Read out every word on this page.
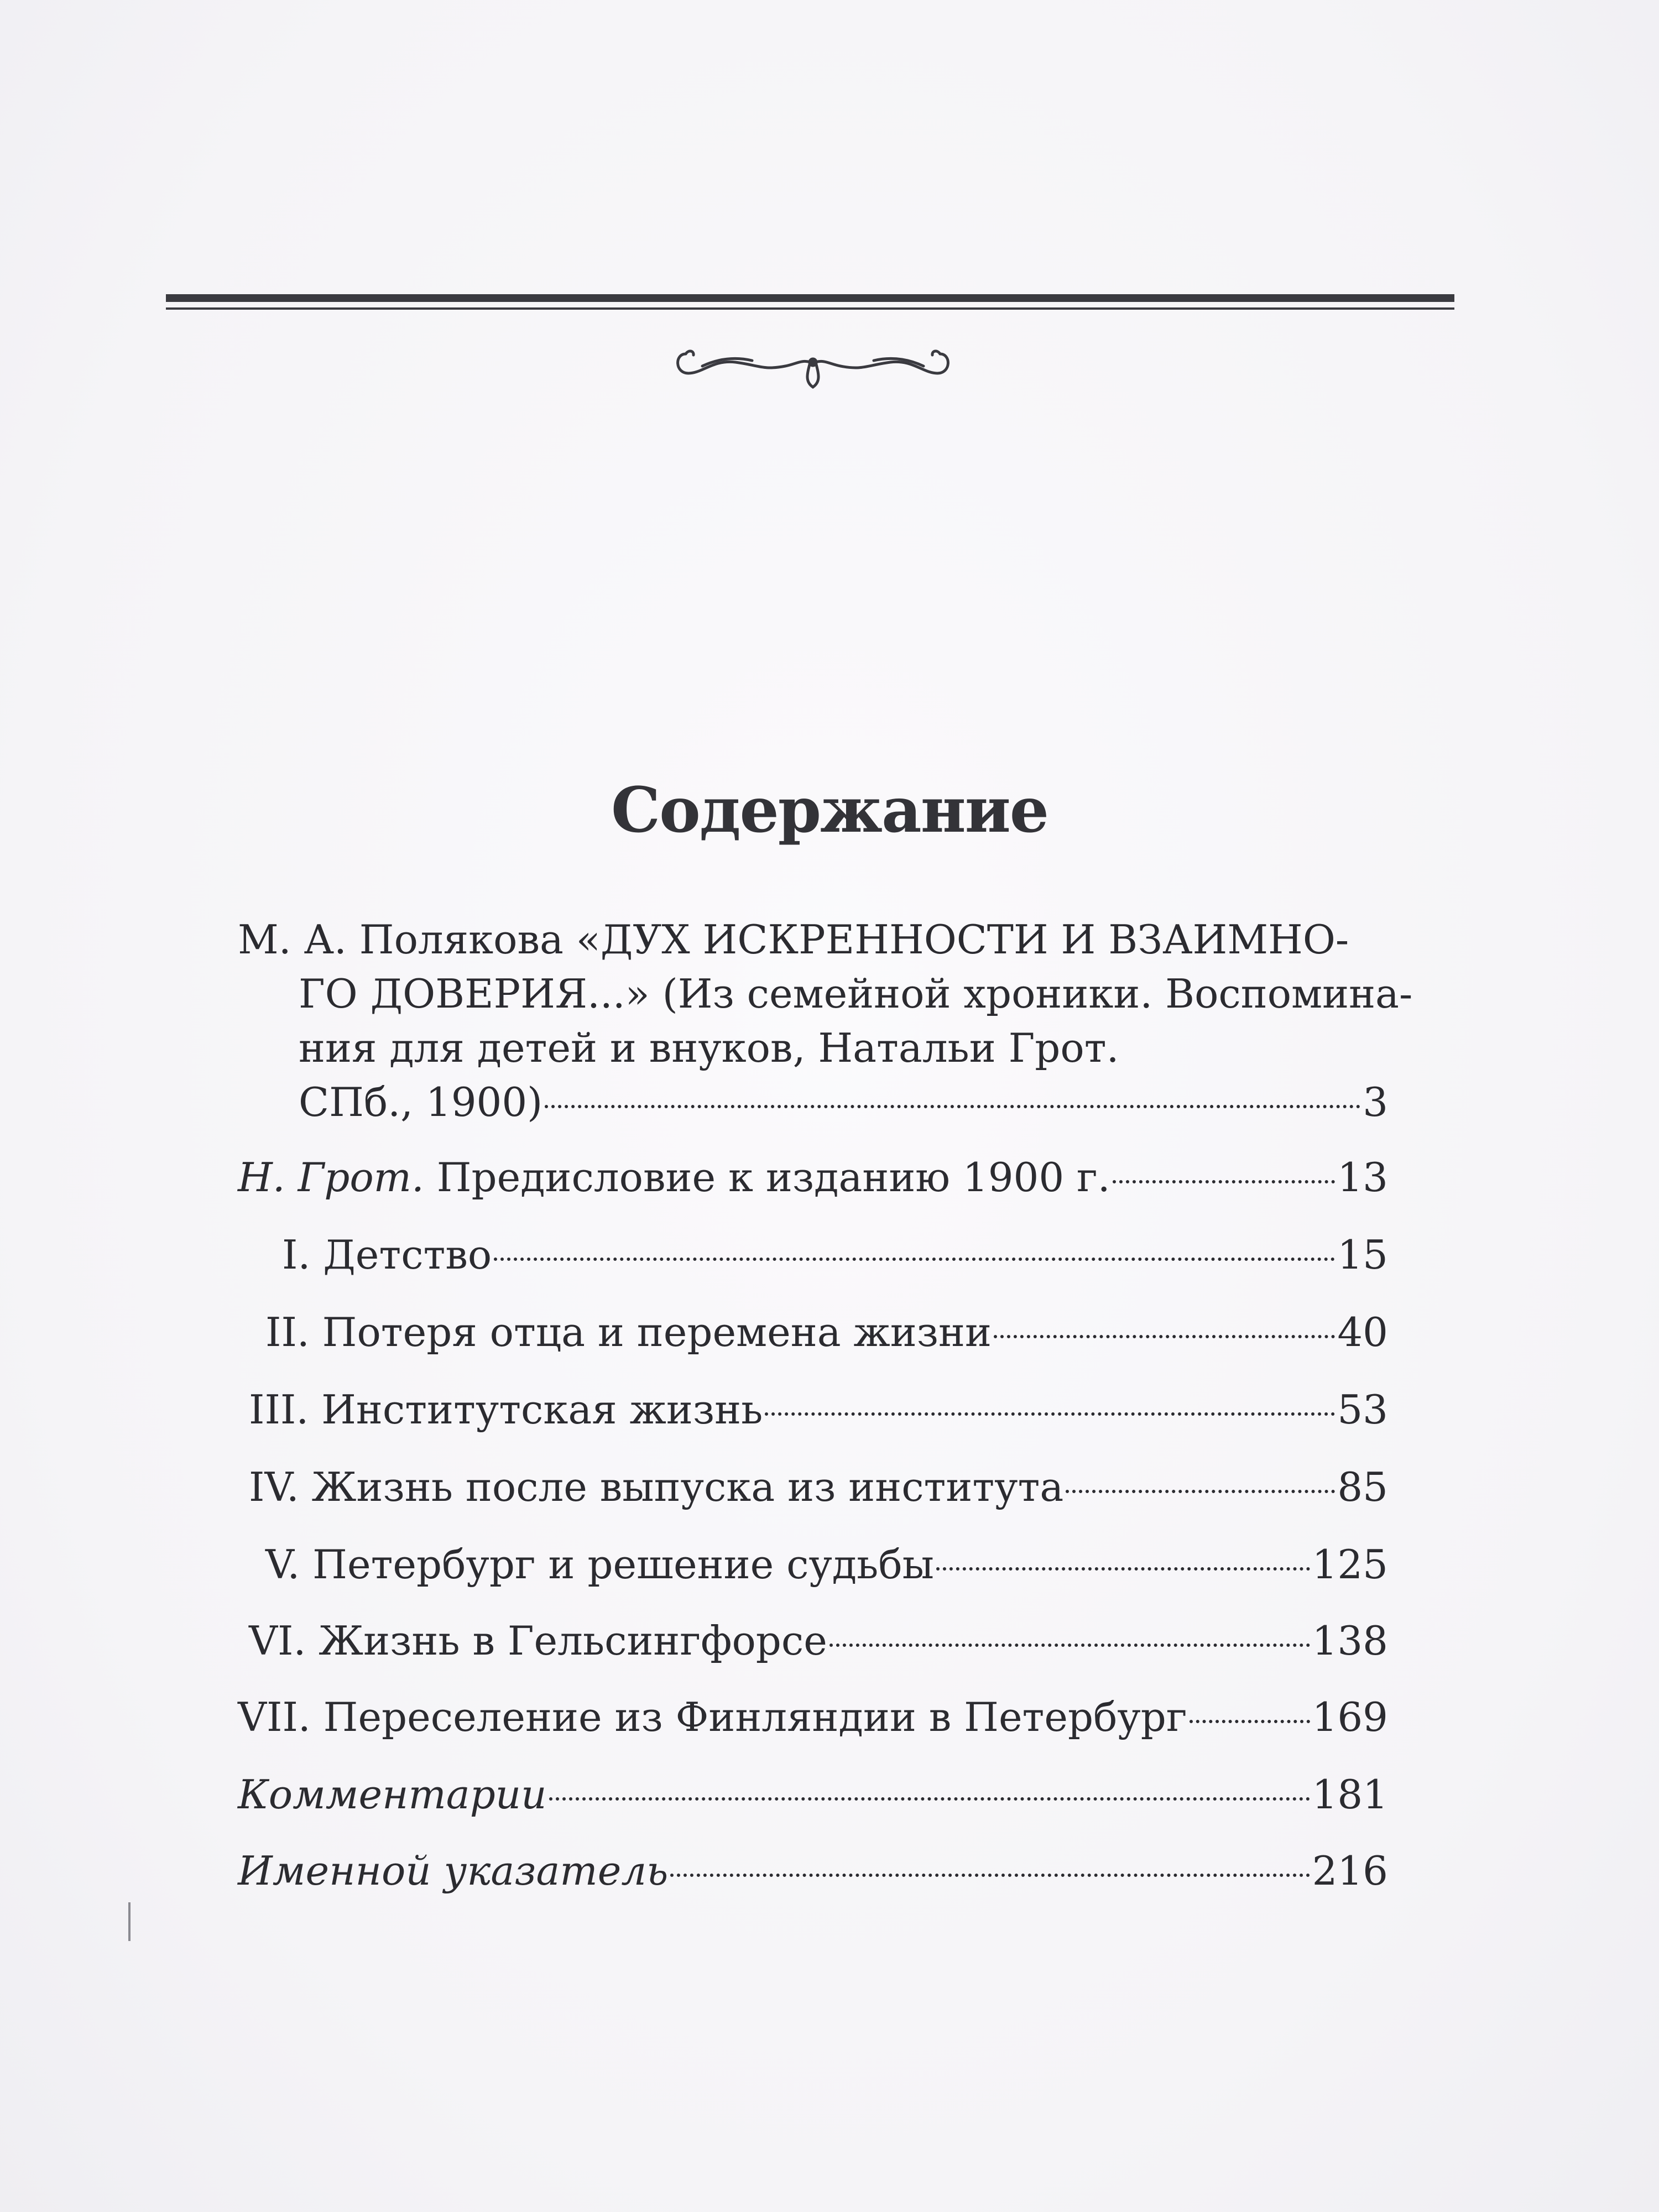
Содержание
М. А. Полякова «ДУХ ИСКРЕННОСТИ И ВЗАИМНО-
ГО ДОВЕРИЯ...» (Из семейной хроники. Воспомина-
ния для детей и внуков, Натальи Грот.
СПб., 1900)	3
Н. Грот. Предисловие к изданию 1900 г.	13
I. Детство	15
II. Потеря отца и перемена жизни	40
III. Институтская жизнь	53
IV. Жизнь после выпуска из института	85
V. Петербург и решение судьбы	125
VI. Жизнь в Гельсингфорсе	138
VII. Переселение из Финляндии в Петербург	169
Комментарии	181
Именной указатель	216
